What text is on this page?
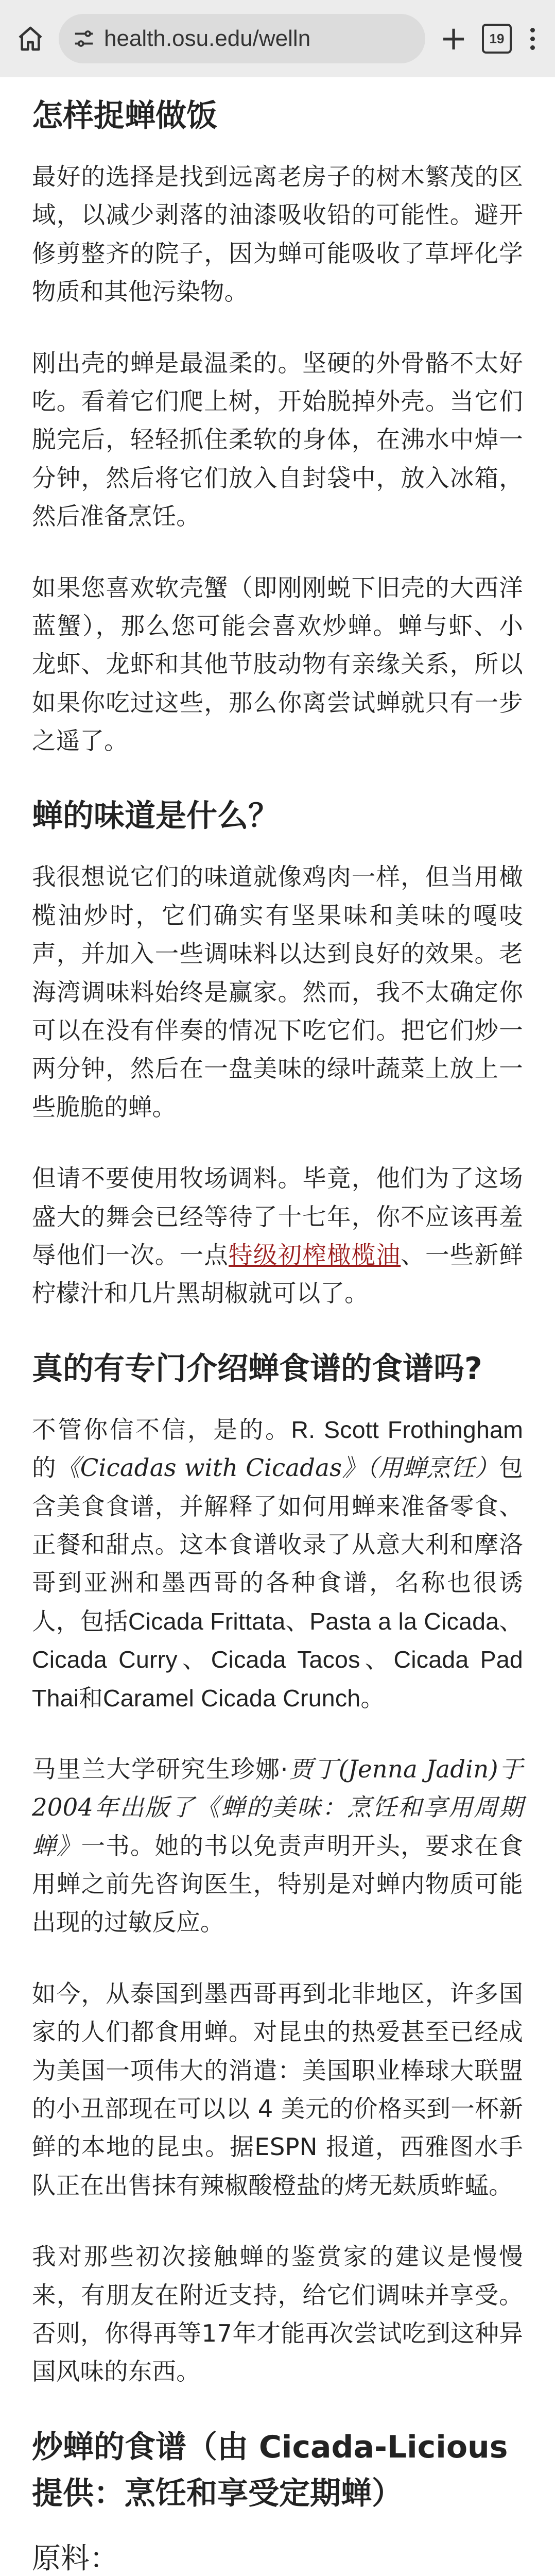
health.osu.edu/welln	+	19
怎样捉蝉做饭

最好的选择是找到远离老房子的树木繁茂的区域，以减少剥落的油漆吸收铅的可能性。避开修剪整齐的院子，因为蝉可能吸收了草坪化学物质和其他污染物。

刚出壳的蝉是最温柔的。坚硬的外骨骼不太好吃。看着它们爬上树，开始脱掉外壳。当它们脱完后，轻轻抓住柔软的身体，在沸水中焯一分钟，然后将它们放入自封袋中，放入冰箱，然后准备烹饪。

如果您喜欢软壳蟹（即刚刚蜕下旧壳的大西洋蓝蟹），那么您可能会喜欢炒蝉。蝉与虾、小龙虾、龙虾和其他节肢动物有亲缘关系，所以如果你吃过这些，那么你离尝试蝉就只有一步之遥了。

蝉的味道是什么？

我很想说它们的味道就像鸡肉一样，但当用橄榄油炒时，它们确实有坚果味和美味的嘎吱声，并加入一些调味料以达到良好的效果。老海湾调味料始终是赢家。然而，我不太确定你可以在没有伴奏的情况下吃它们。把它们炒一两分钟，然后在一盘美味的绿叶蔬菜上放上一些脆脆的蝉。

但请不要使用牧场调料。毕竟，他们为了这场盛大的舞会已经等待了十七年，你不应该再羞辱他们一次。一点特级初榨橄榄油、一些新鲜柠檬汁和几片黑胡椒就可以了。

真的有专门介绍蝉食谱的食谱吗?

不管你信不信，是的。R. Scott Frothingham的《Cicadas with Cicadas》（用蝉烹饪）包含美食食谱，并解释了如何用蝉来准备零食、正餐和甜点。这本食谱收录了从意大利和摩洛哥到亚洲和墨西哥的各种食谱，名称也很诱人，包括Cicada Frittata、Pasta a la Cicada、Cicada Curry、Cicada Tacos、Cicada Pad Thai和Caramel Cicada Crunch。

马里兰大学研究生珍娜·贾丁(Jenna Jadin)于2004年出版了《蝉的美味：烹饪和享用周期蝉》一书。她的书以免责声明开头，要求在食用蝉之前先咨询医生，特别是对蝉内物质可能出现的过敏反应。

如今，从泰国到墨西哥再到北非地区，许多国家的人们都食用蝉。对昆虫的热爱甚至已经成为美国一项伟大的消遣：美国职业棒球大联盟的小丑部现在可以以 4 美元的价格买到一杯新鲜的本地的昆虫。据ESPN 报道，西雅图水手队正在出售抹有辣椒酸橙盐的烤无麸质蚱蜢。

我对那些初次接触蝉的鉴赏家的建议是慢慢来，有朋友在附近支持，给它们调味并享受。否则，你得再等17年才能再次尝试吃到这种异国风味的东西。

炒蝉的食谱（由 Cicada-Licious 提供：烹饪和享受定期蝉）
原料：
